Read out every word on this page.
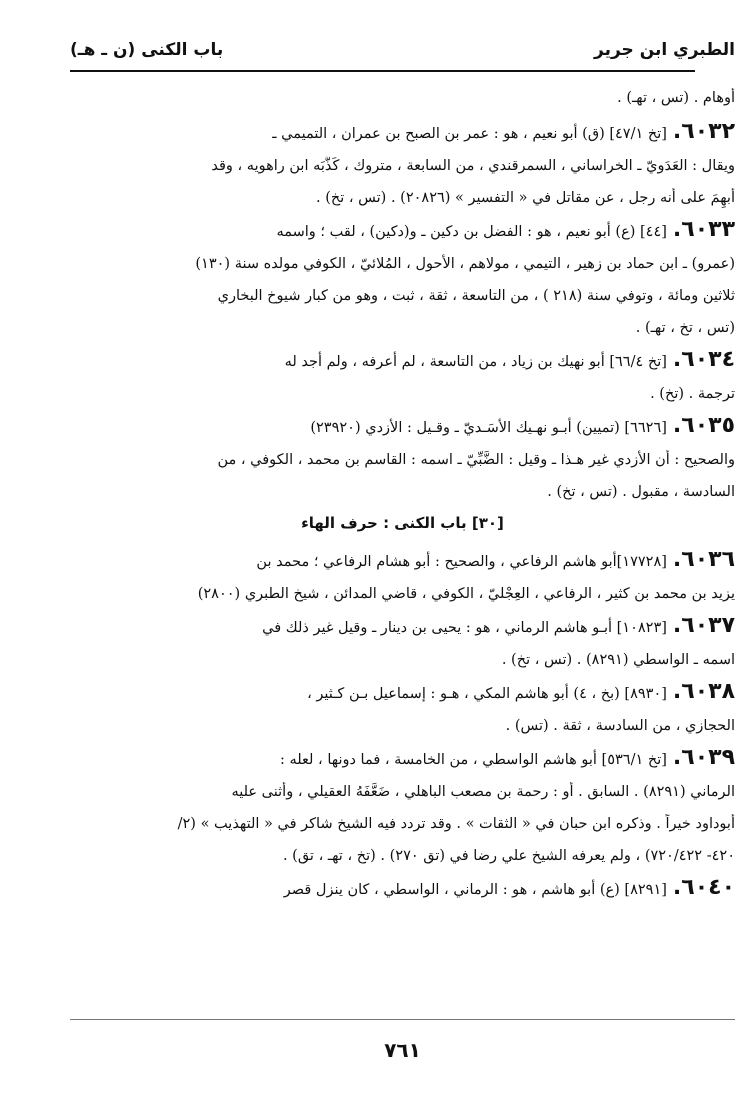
الطبري ابن جرير
باب الكنى (ن ـ هـ)
أوهام . (تس ، تهـ) .
٦٠٣٢.[تخ ٤٧/١] (ق) أبو نعيم ، هو : عمر بن الصبح بن عمران ، التميمي ـ
ويقال : العَدَويّ ـ الخراساني ، السمرقندي ، من السابعة ، متروك ، كَذَّبَه ابن راهويه ، وقد
أُبهِمَ على أنه رجل ، عن مقاتل في « التفسير » (٢٠٨٢٦) . (تس ، تخ) .
٦٠٣٣.[٤٤] (ع) أبو نعيم ، هو : الفضل بن دكين ـ و(دكين) ، لقب ؛ واسمه
(عمرو) ـ ابن حماد بن زهير ، التيمي ، مولاهم ، الأحول ، المُلائيّ ، الكوفي مولده سنة (١٣٠)
ثلاثين ومائة ، وتوفي سنة (٢١٨ ) ، من التاسعة ، ثقة ، ثبت ، وهو من كبار شيوخ البخاري
(تس ، تخ ، تهـ) .
٦٠٣٤.[تخ ٦٦/٤] أبو نهيك بن زياد ، من التاسعة ، لم أعرفه ، ولم أجد له
ترجمة . (تخ) .
٦٠٣٥.[٦٦٢٦] (تميين) أبـو نهـيك الأسَـديّ ـ وقـيل : الأزدي (٢٣٩٢٠)
والصحيح : أن الأزدي غير هـذا ـ وقيل : الضَّبِّيّ ـ اسمه : القاسم بن محمد ، الكوفي ، من
السادسة ، مقبول . (تس ، تخ) .
[٣٠] باب الكنى : حرف الهاء
٦٠٣٦.[١٧٧٢٨]أبو هاشم الرفاعي ، والصحيح : أبو هشام الرفاعي ؛ محمد بن
يزيد بن محمد بن كثير ، الرفاعي ، العِجْليّ ، الكوفي ، قاضي المدائن ، شيخ الطبري (٢٨٠٠)
٦٠٣٧.[١٠٨٢٣] أبـو هاشم الرماني ، هو : يحيى بن دينار ـ وقيل غير ذلك في
اسمه ـ الواسطي (٨٢٩١) . (تس ، تخ) .
٦٠٣٨.[٨٩٣٠] (بخ ، ٤) أبو هاشم المكي ، هـو : إسماعيل بـن كـثير ،
الحجازي ، من السادسة ، ثقة . (تس) .
٦٠٣٩.[تخ ٥٣٦/١] أبو هاشم الواسطي ، من الخامسة ، فما دونها ، لعله :
الرماني (٨٢٩١) . السابق . أو : رحمة بن مصعب الباهلي ، ضَعَّفَهُ العقيلي ، وأثنى عليه
أبوداود خيراً . وذكره ابن حبان في « الثقات » . وقد تردد فيه الشيخ شاكر في « التهذيب » (٢/
٤٢٠- ٧٢٠/٤٢٢) ، ولم يعرفه الشيخ علي رضا في (تق ٢٧٠) . (تخ ، تهـ ، تق) .
٦٠٤٠.[٨٢٩١] (ع) أبو هاشم ، هو : الرماني ، الواسطي ، كان ينزل قصر
٧٦١
